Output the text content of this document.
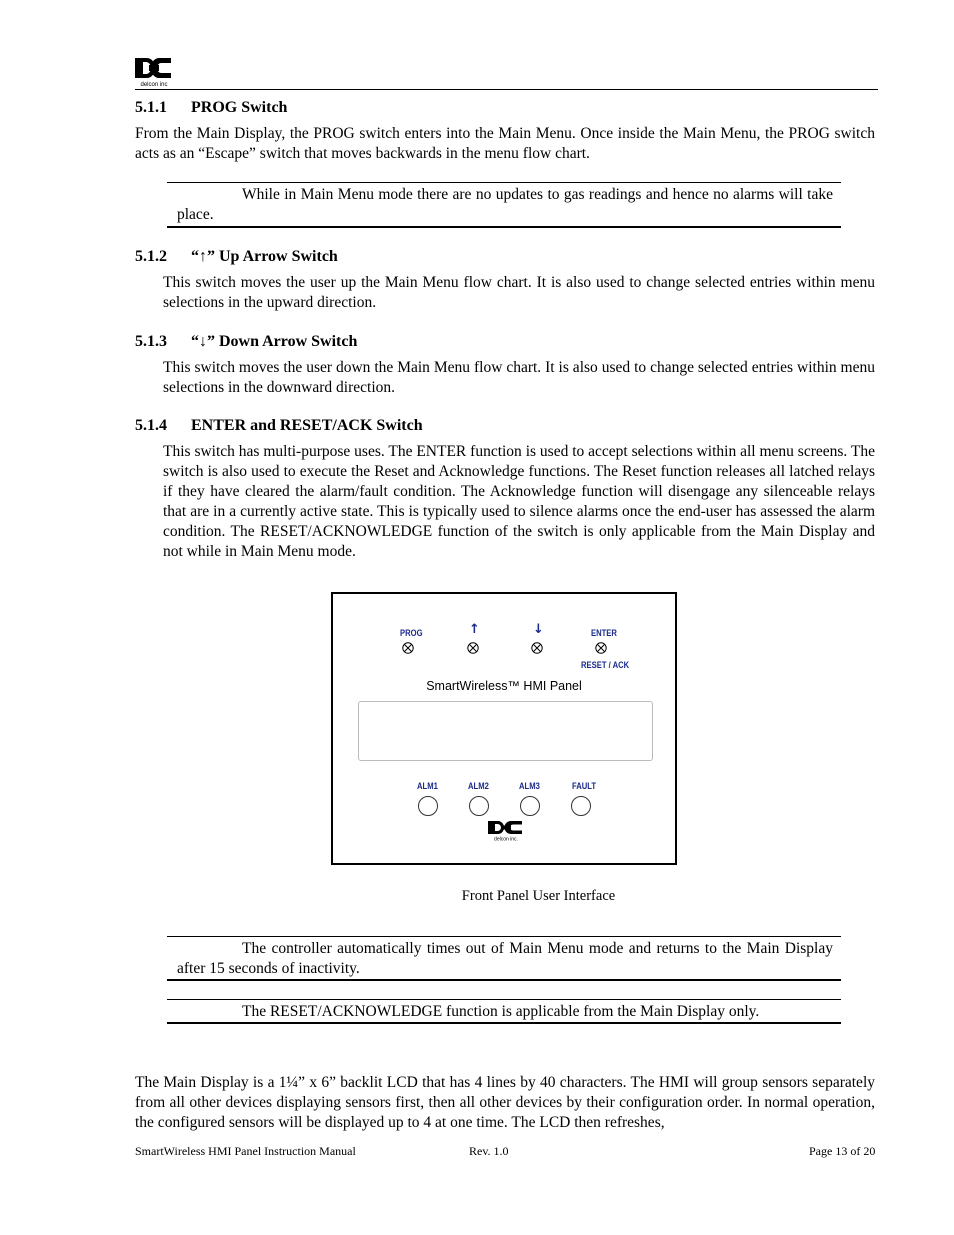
delcon inc
5.1.1 PROG Switch

From the Main Display, the PROG switch enters into the Main Menu. Once inside the Main Menu, the PROG switch acts as an “Escape” switch that moves backwards in the menu flow chart.

While in Main Menu mode there are no updates to gas readings and hence no alarms will take place.

5.1.2 “↑” Up Arrow Switch

This switch moves the user up the Main Menu flow chart. It is also used to change selected entries within menu selections in the upward direction.

5.1.3 “↓” Down Arrow Switch

This switch moves the user down the Main Menu flow chart. It is also used to change selected entries within menu selections in the downward direction.

5.1.4 ENTER and RESET/ACK Switch

This switch has multi-purpose uses. The ENTER function is used to accept selections within all menu screens. The switch is also used to execute the Reset and Acknowledge functions. The Reset function releases all latched relays if they have cleared the alarm/fault condition. The Acknowledge function will disengage any silenceable relays that are in a currently active state. This is typically used to silence alarms once the end-user has assessed the alarm condition. The RESET/ACKNOWLEDGE function of the switch is only applicable from the Main Display and not while in Main Menu mode.

PROG	↑	↓	ENTER
RESET / ACK
SmartWireless™ HMI Panel
ALM1	ALM2	ALM3	FAULT
delcon inc.
Front Panel User Interface

The controller automatically times out of Main Menu mode and returns to the Main Display after 15 seconds of inactivity.

The RESET/ACKNOWLEDGE function is applicable from the Main Display only.

The Main Display is a 1¼” x 6” backlit LCD that has 4 lines by 40 characters. The HMI will group sensors separately from all other devices displaying sensors first, then all other devices by their configuration order. In normal operation, the configured sensors will be displayed up to 4 at one time. The LCD then refreshes,

SmartWireless HMI Panel Instruction Manual	Rev. 1.0	Page 13 of 20
